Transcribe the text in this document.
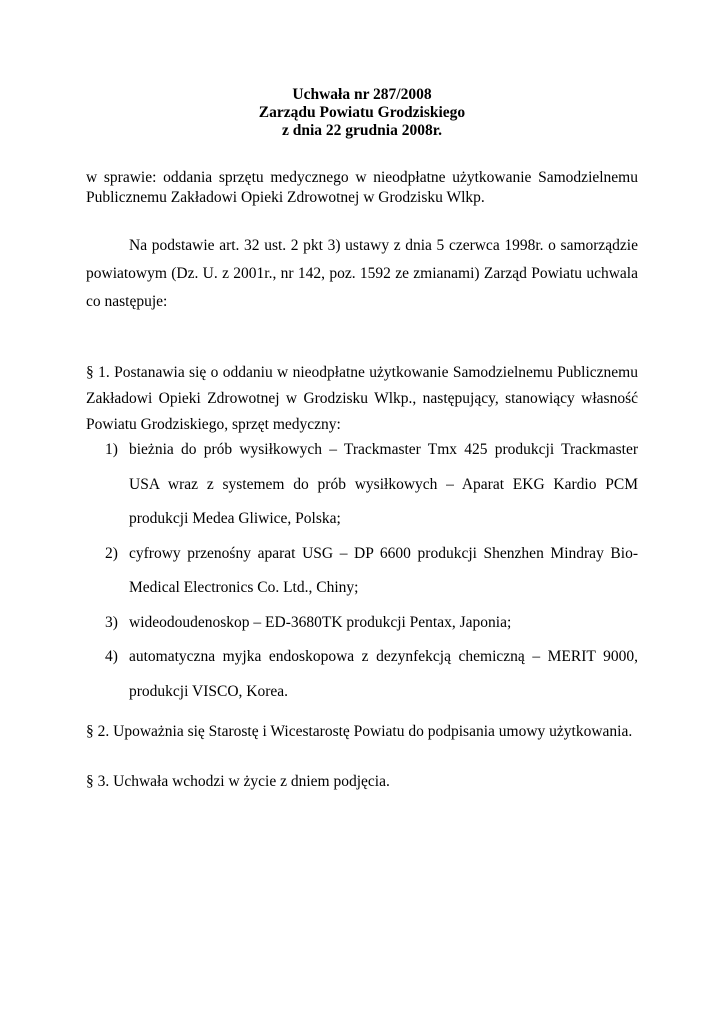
Uchwała nr 287/2008
Zarządu Powiatu Grodziskiego
z dnia 22 grudnia 2008r.
w sprawie: oddania sprzętu medycznego w nieodpłatne użytkowanie Samodzielnemu Publicznemu Zakładowi Opieki Zdrowotnej w Grodzisku Wlkp.
Na podstawie art. 32 ust. 2 pkt 3) ustawy z dnia 5 czerwca 1998r. o samorządzie powiatowym (Dz. U. z 2001r., nr 142, poz. 1592 ze zmianami) Zarząd Powiatu uchwala co następuje:
§ 1. Postanawia się o oddaniu w nieodpłatne użytkowanie Samodzielnemu Publicznemu Zakładowi Opieki Zdrowotnej w Grodzisku Wlkp., następujący, stanowiący własność Powiatu Grodziskiego, sprzęt medyczny:
1) bieżnia do prób wysiłkowych – Trackmaster Tmx 425 produkcji Trackmaster USA wraz z systemem do prób wysiłkowych – Aparat EKG Kardio PCM produkcji Medea Gliwice, Polska;
2) cyfrowy przenośny aparat USG – DP 6600 produkcji Shenzhen Mindray Bio-Medical Electronics Co. Ltd., Chiny;
3) wideodoudenoskop – ED-3680TK produkcji Pentax, Japonia;
4) automatyczna myjka endoskopowa z dezynfekcją chemiczną – MERIT 9000, produkcji VISCO, Korea.
§ 2. Upoważnia się Starostę i Wicestarostę Powiatu do podpisania umowy użytkowania.
§ 3. Uchwała wchodzi w życie z dniem podjęcia.
